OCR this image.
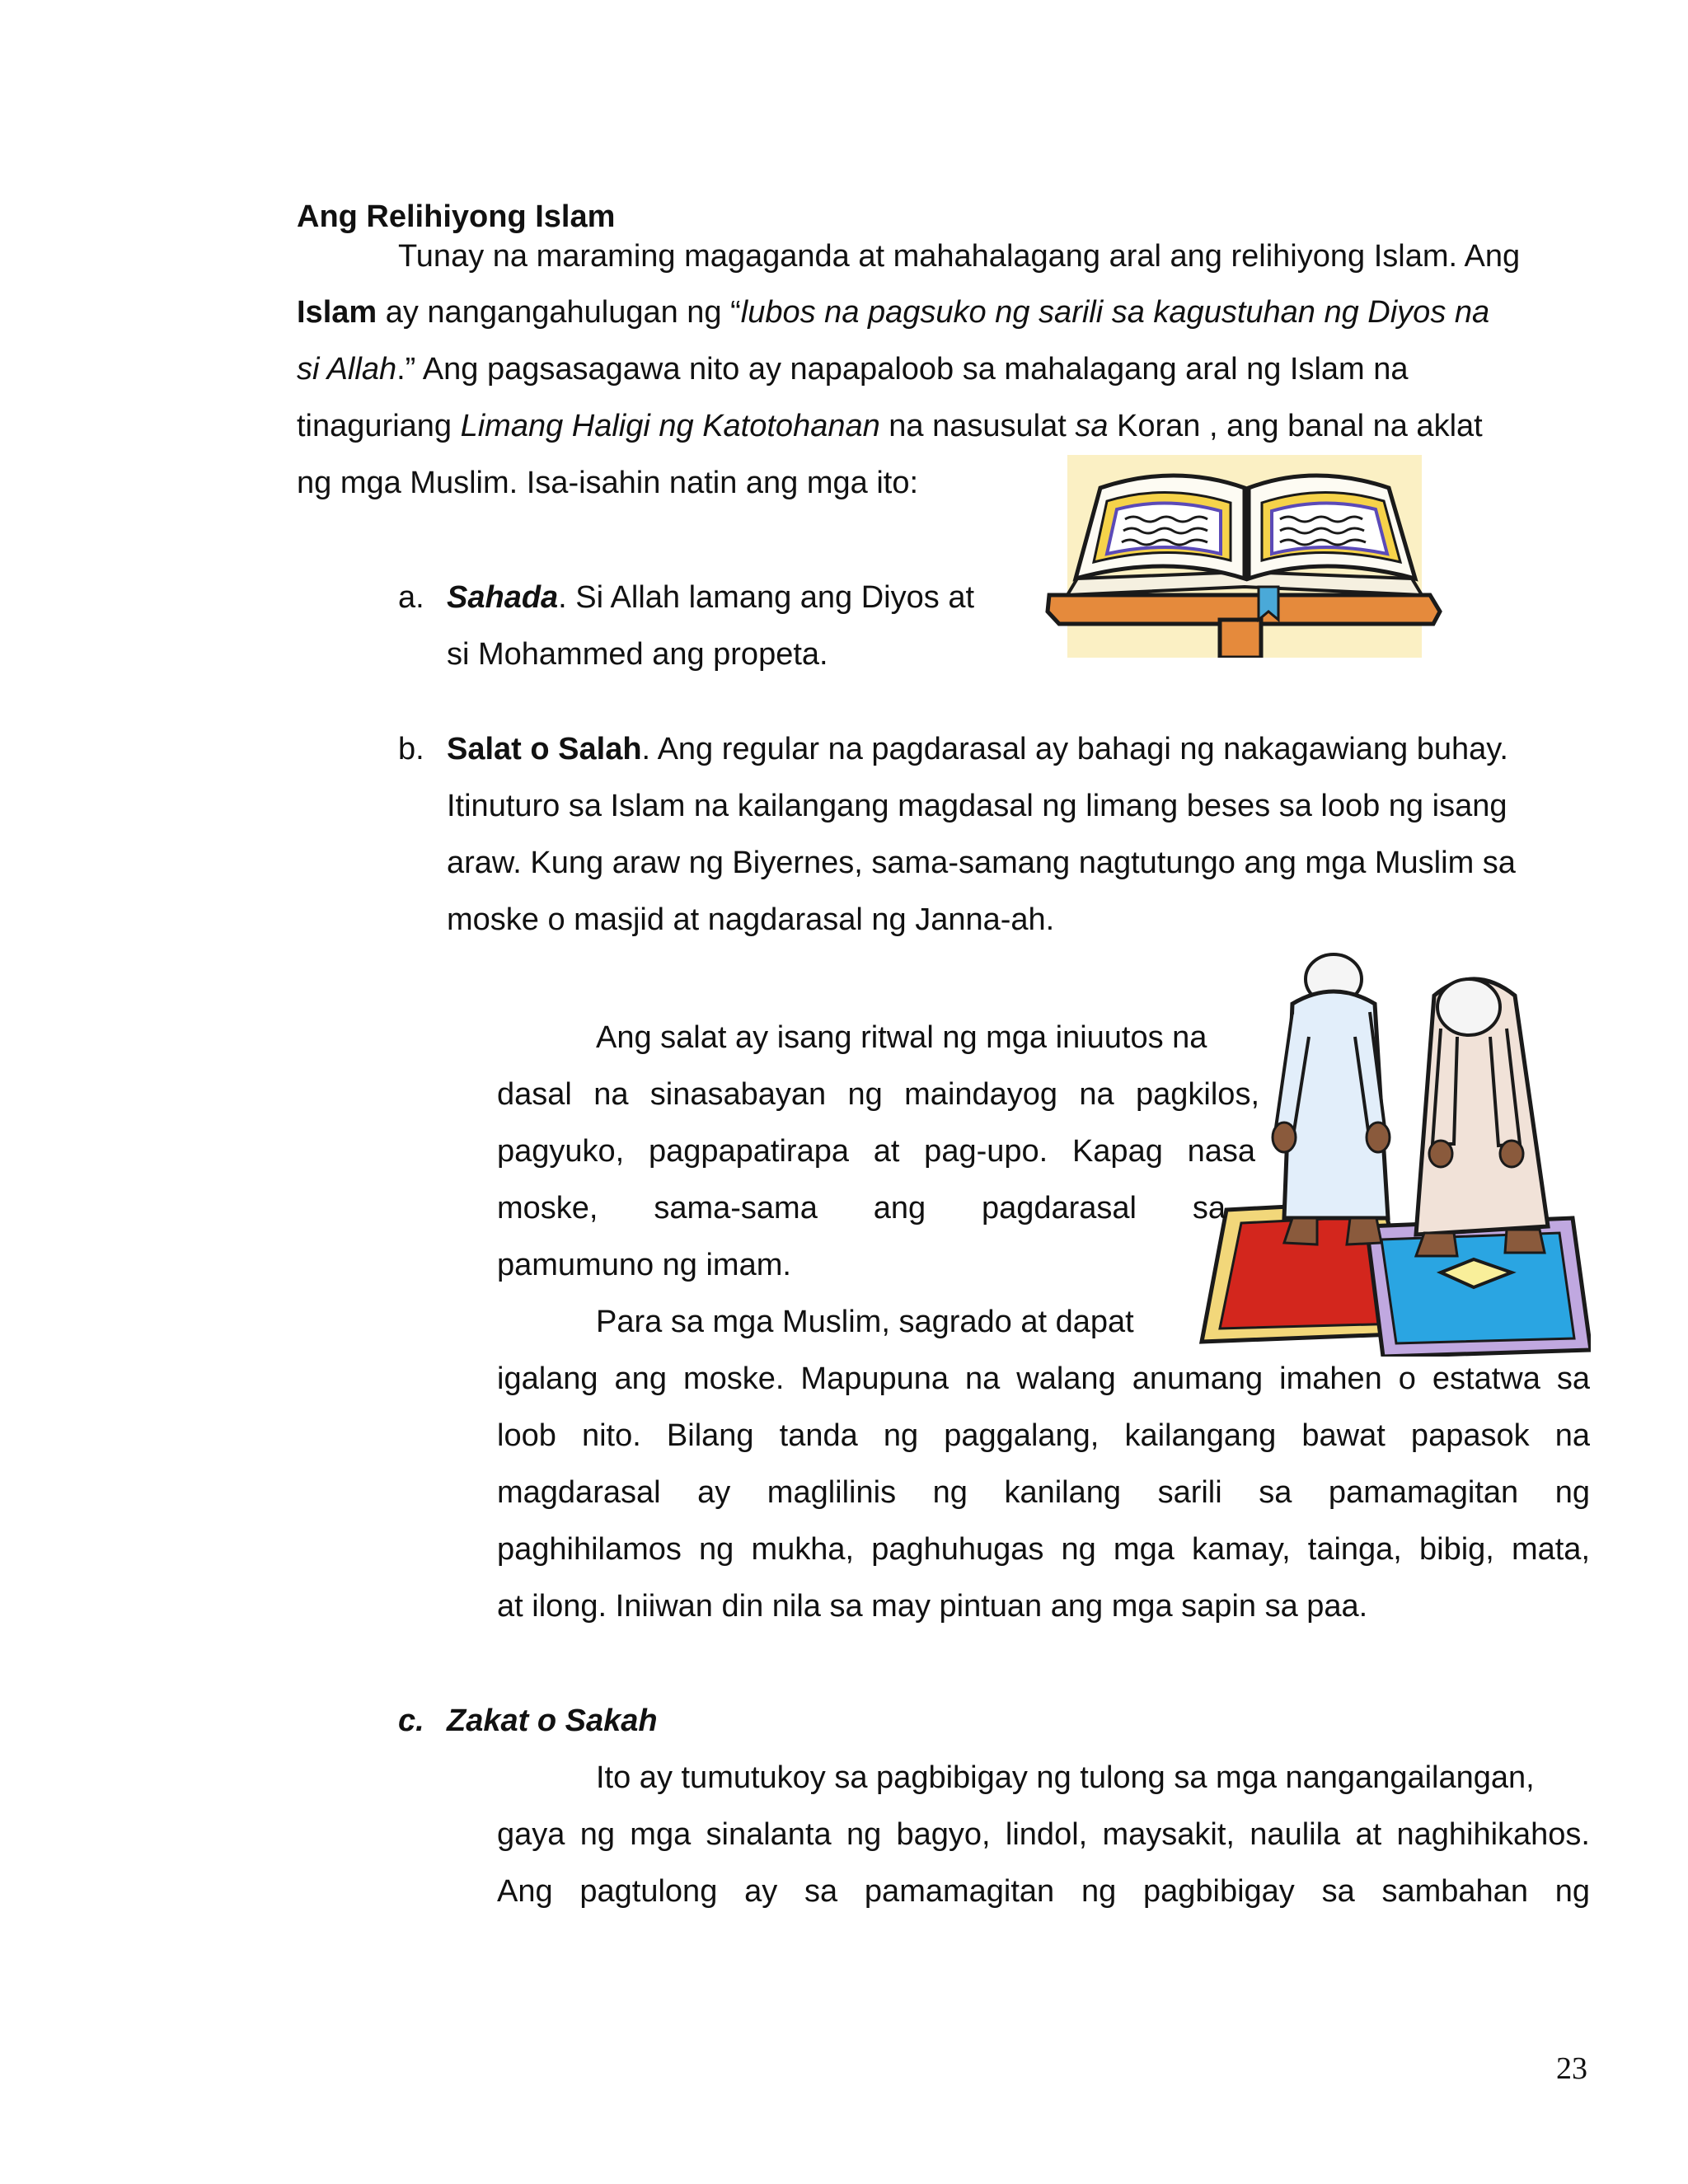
Ang Relihiyong Islam
Tunay na maraming magaganda at mahahalagang aral ang relihiyong Islam. Ang
Islam ay nangangahulugan ng “lubos na pagsuko ng sarili sa kagustuhan ng Diyos na
si Allah.” Ang pagsasagawa nito ay napapaloob sa mahalagang aral ng Islam na
tinaguriang Limang Haligi ng Katotohanan na nasusulat sa Koran , ang banal na aklat
ng mga Muslim. Isa-isahin natin ang mga ito:
a. Sahada. Si Allah lamang ang Diyos at
si Mohammed ang propeta.
b. Salat o Salah. Ang regular na pagdarasal ay bahagi ng nakagawiang buhay.
Itinuturo sa Islam na kailangang magdasal ng limang beses sa loob ng isang
araw. Kung araw ng Biyernes, sama-samang nagtutungo ang mga Muslim sa
moske o masjid at nagdarasal ng Janna-ah.
Ang salat ay isang ritwal ng mga iniuutos na
dasal na sinasabayan ng maindayog na pagkilos,
pagyuko, pagpapatirapa at pag-upo. Kapag nasa
moske, sama-sama ang pagdarasal sa
pamumuno ng imam.
Para sa mga Muslim, sagrado at dapat
igalang ang moske. Mapupuna na walang anumang imahen o estatwa sa
loob nito. Bilang tanda ng paggalang, kailangang bawat papasok na
magdarasal ay maglilinis ng kanilang sarili sa pamamagitan ng
paghihilamos ng mukha, paghuhugas ng mga kamay, tainga, bibig, mata,
at ilong. Iniiwan din nila sa may pintuan ang mga sapin sa paa.
c. Zakat o Sakah
Ito ay tumutukoy sa pagbibigay ng tulong sa mga nangangailangan,
gaya ng mga sinalanta ng bagyo, lindol, maysakit, naulila at naghihikahos.
Ang pagtulong ay sa pamamagitan ng pagbibigay sa sambahan ng
23
